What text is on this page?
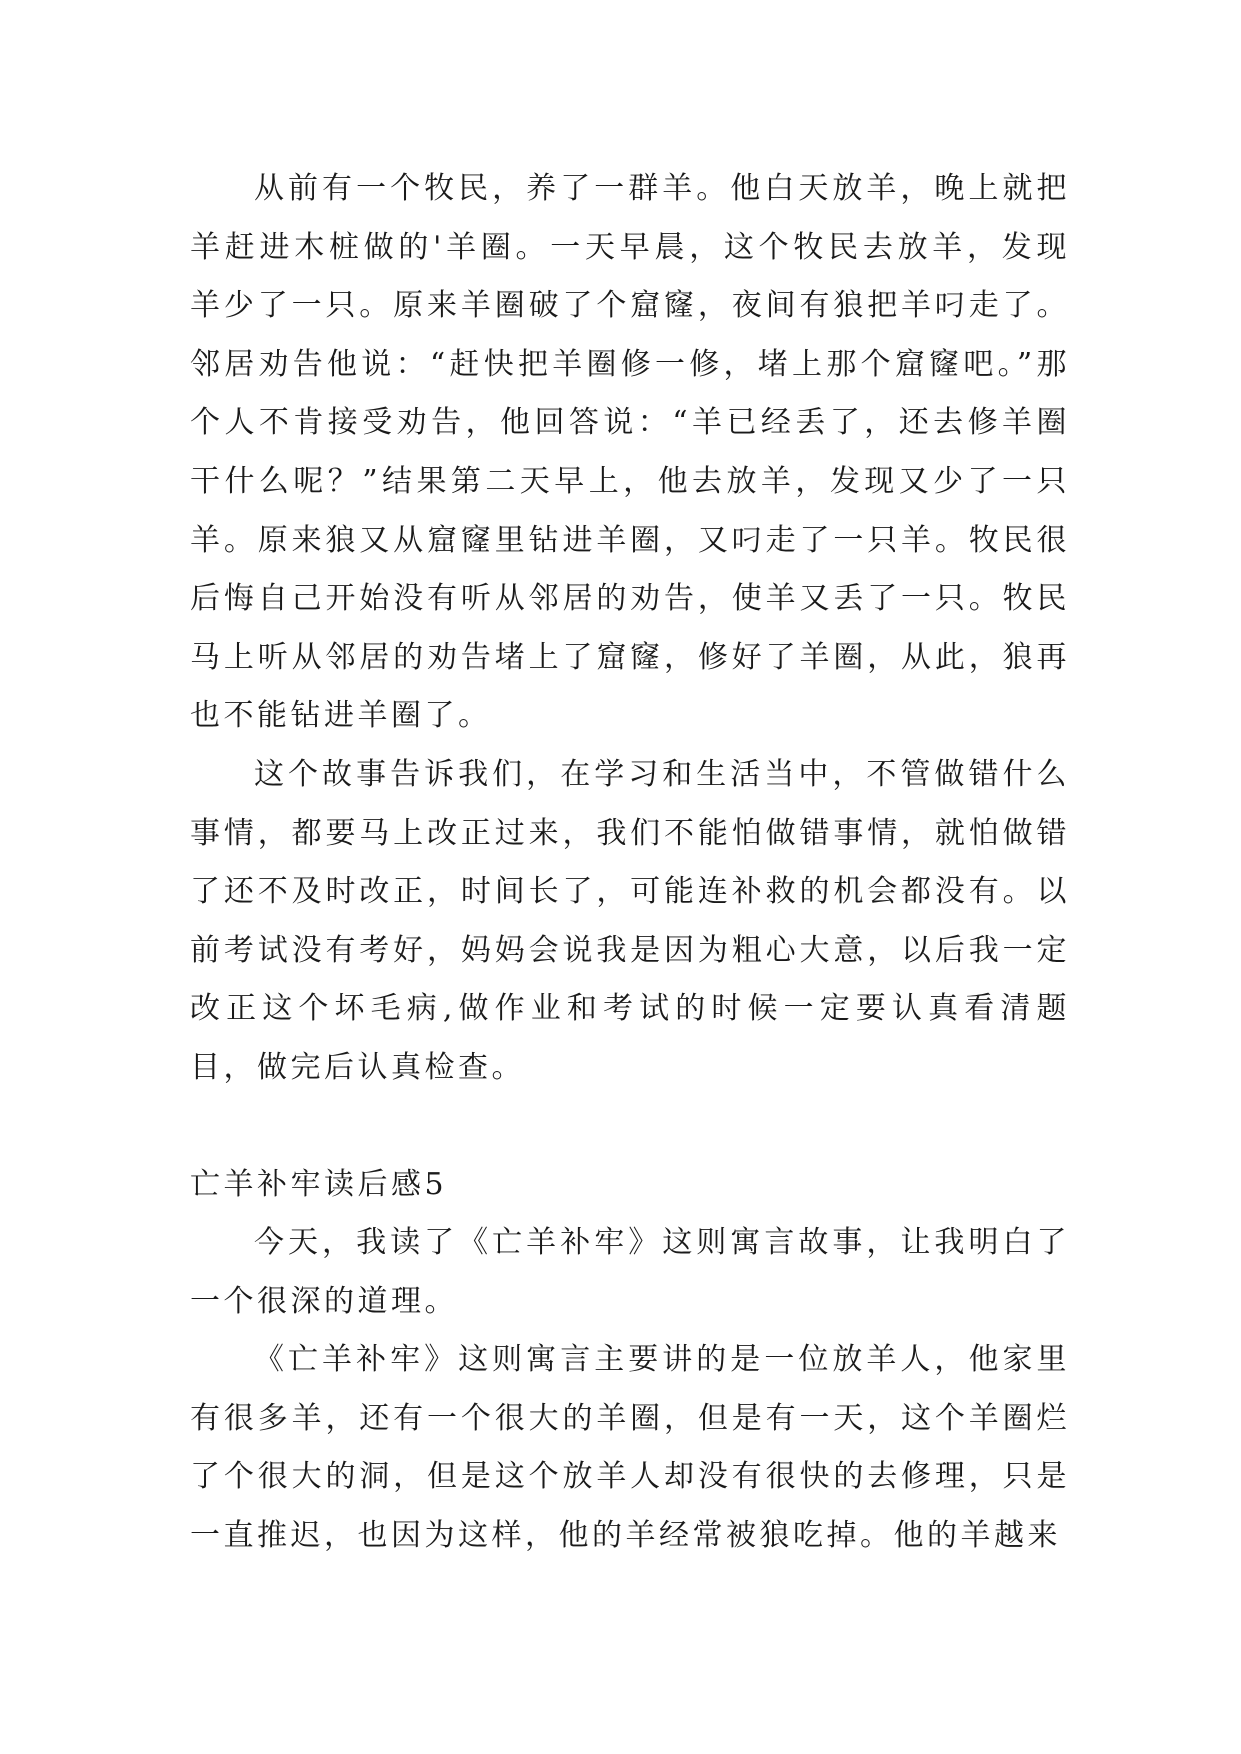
从前有一个牧民，养了一群羊。他白天放羊，晚上就把羊赶进木桩做的'羊圈。一天早晨，这个牧民去放羊，发现羊少了一只。原来羊圈破了个窟窿，夜间有狼把羊叼走了。邻居劝告他说：“赶快把羊圈修一修，堵上那个窟窿吧。”那个人不肯接受劝告，他回答说：“羊已经丢了，还去修羊圈干什么呢？”结果第二天早上，他去放羊，发现又少了一只羊。原来狼又从窟窿里钻进羊圈，又叼走了一只羊。牧民很后悔自己开始没有听从邻居的劝告，使羊又丢了一只。牧民马上听从邻居的劝告堵上了窟窿，修好了羊圈，从此，狼再也不能钻进羊圈了。

这个故事告诉我们，在学习和生活当中，不管做错什么事情，都要马上改正过来，我们不能怕做错事情，就怕做错了还不及时改正，时间长了，可能连补救的机会都没有。以前考试没有考好，妈妈会说我是因为粗心大意，以后我一定改正这个坏毛病,做作业和考试的时候一定要认真看清题目，做完后认真检查。

亡羊补牢读后感5

今天，我读了《亡羊补牢》这则寓言故事，让我明白了一个很深的道理。

《亡羊补牢》这则寓言主要讲的是一位放羊人，他家里有很多羊，还有一个很大的羊圈，但是有一天，这个羊圈烂了个很大的洞，但是这个放羊人却没有很快的去修理，只是一直推迟，也因为这样，他的羊经常被狼吃掉。他的羊越来
